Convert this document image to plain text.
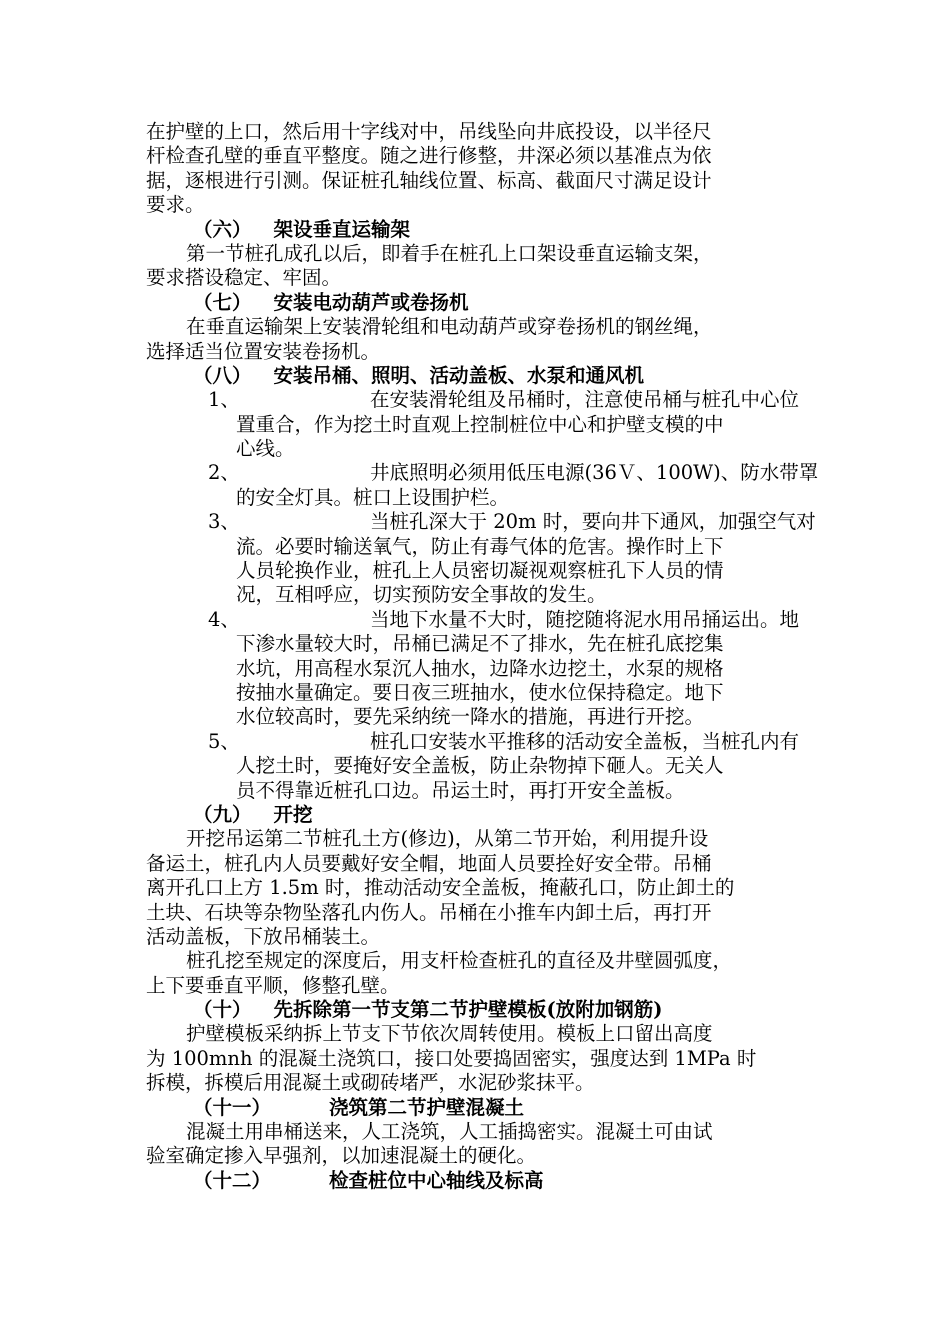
在护壁的上口，然后用十字线对中，吊线坠向井底投设，以半径尺
杆检查孔壁的垂直平整度。随之进行修整，井深必须以基准点为依
据，逐根进行引测。保证桩孔轴线位置、标高、截面尺寸满足设计
要求。
（六） 架设垂直运输架
第一节桩孔成孔以后，即着手在桩孔上口架设垂直运输支架，
要求搭设稳定、牢固。
（七） 安装电动葫芦或卷扬机
在垂直运输架上安装滑轮组和电动葫芦或穿卷扬机的钢丝绳，
选择适当位置安装卷扬机。
（八） 安装吊桶、照明、活动盖板、水泵和通风机
1、	在安装滑轮组及吊桶时，注意使吊桶与桩孔中心位
置重合，作为挖土时直观上控制桩位中心和护壁支模的中
心线。
2、	井底照明必须用低压电源(36Ｖ、100W)、防水带罩
的安全灯具。桩口上设围护栏。
3、	当桩孔深大于 20m 时，要向井下通风，加强空气对
流。必要时输送氧气，防止有毒气体的危害。操作时上下
人员轮换作业，桩孔上人员密切凝视观察桩孔下人员的情
况，互相呼应，切实预防安全事故的发生。
4、	当地下水量不大时，随挖随将泥水用吊捅运出。地
下渗水量较大时，吊桶已满足不了排水，先在桩孔底挖集
水坑，用高程水泵沉人抽水，边降水边挖土，水泵的规格
按抽水量确定。要日夜三班抽水，使水位保持稳定。地下
水位较高时，要先采纳统一降水的措施，再进行开挖。
5、	桩孔口安装水平推移的活动安全盖板，当桩孔内有
人挖土时，要掩好安全盖板，防止杂物掉下砸人。无关人
员不得靠近桩孔口边。吊运土时，再打开安全盖板。
（九） 开挖
开挖吊运第二节桩孔土方(修边)，从第二节开始，利用提升设
备运土，桩孔内人员要戴好安全帽，地面人员要拴好安全带。吊桶
离开孔口上方 1.5m 时，推动活动安全盖板，掩蔽孔口，防止卸土的
土块、石块等杂物坠落孔内伤人。吊桶在小推车内卸土后，再打开
活动盖板，下放吊桶装土。
桩孔挖至规定的深度后，用支杆检查桩孔的直径及井壁圆弧度，
上下要垂直平顺，修整孔壁。
（十） 先拆除第一节支第二节护壁模板(放附加钢筋)
护壁模板采纳拆上节支下节依次周转使用。模板上口留出高度
为 100mnh 的混凝土浇筑口，接口处要捣固密实，强度达到 1MPa 时
拆模，拆模后用混凝土或砌砖堵严，水泥砂浆抹平。
（十一）	浇筑第二节护壁混凝土
混凝土用串桶送来，人工浇筑，人工插捣密实。混凝土可由试
验室确定掺入早强剂，以加速混凝土的硬化。
（十二）	检查桩位中心轴线及标高
